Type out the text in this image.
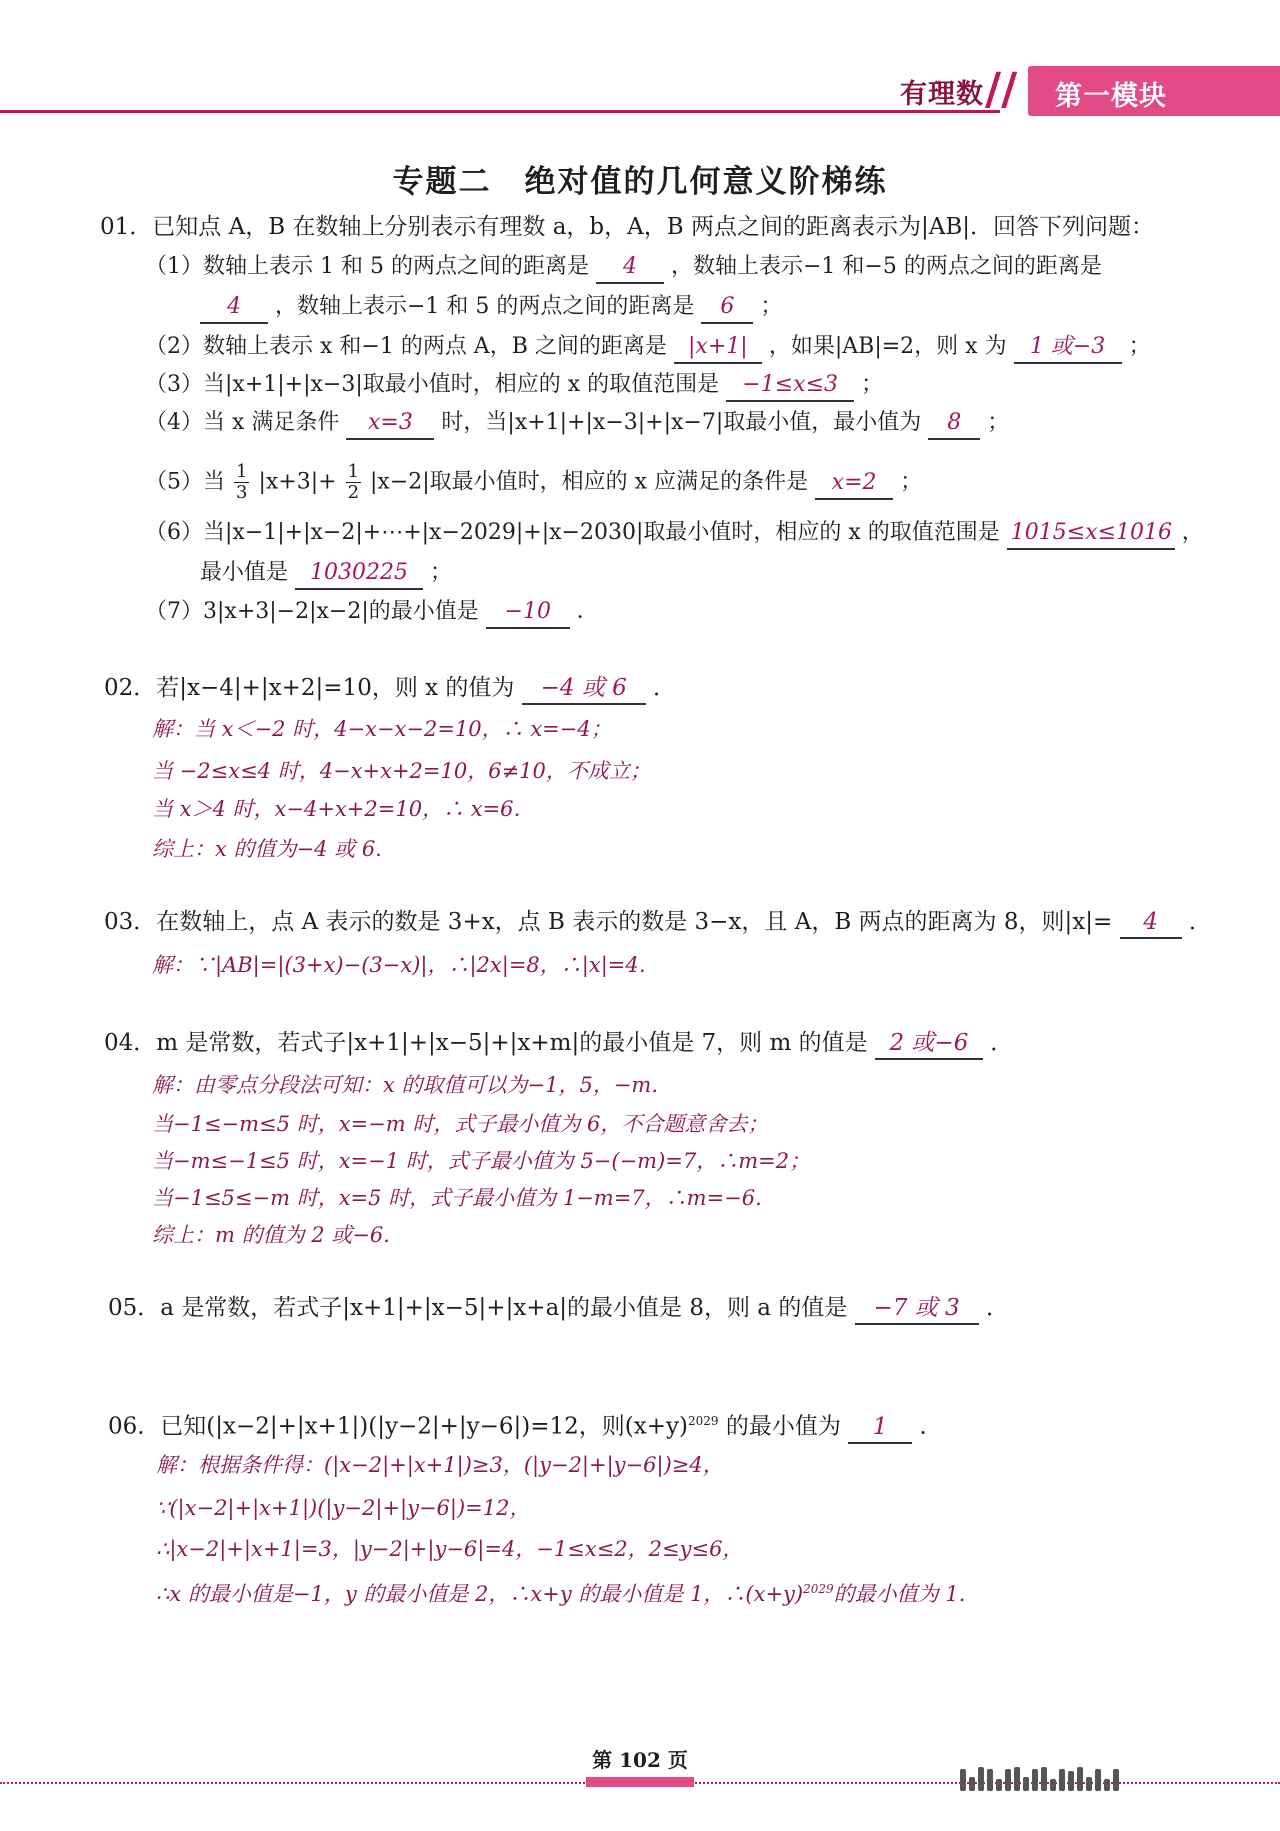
有理数 // 第一模块
专题二　绝对值的几何意义阶梯练
01．已知点 A，B 在数轴上分别表示有理数 a，b，A，B 两点之间的距离表示为|AB|．回答下列问题：
（1）数轴上表示 1 和 5 的两点之间的距离是 4 ，数轴上表示−1 和−5 的两点之间的距离是
4 ，数轴上表示−1 和 5 的两点之间的距离是 6 ；
（2）数轴上表示 x 和−1 的两点 A，B 之间的距离是 |x+1| ，如果|AB|=2，则 x 为 1 或−3 ；
（3）当|x+1|+|x−3|取最小值时，相应的 x 的取值范围是 −1≤x≤3 ；
（4）当 x 满足条件 x=3 时，当|x+1|+|x−3|+|x−7|取最小值，最小值为 8 ；
（5）当 $\frac{1}{3} |x+3|+ \frac{1}{2} |x-2|$取最小值时，相应的 x 应满足的条件是 x=2 ；
（6）当|x−1|+|x−2|+⋯+|x−2029|+|x−2030|取最小值时，相应的 x 的取值范围是 1015≤x≤1016 ，
最小值是 1030225 ；
（7）3|x+3|−2|x−2|的最小值是 −10 ．
02．若|x−4|+|x+2|=10，则 x 的值为 −4 或 6 ．
解：当 x＜−2 时，4−x−x−2=10，∴ x=−4；
当 −2≤x≤4 时，4−x+x+2=10，6≠10，不成立；
当 x＞4 时，x−4+x+2=10，∴ x=6．
综上：x 的值为−4 或 6.
03．在数轴上，点 A 表示的数是 3+x，点 B 表示的数是 3−x，且 A，B 两点的距离为 8，则|x|= 4 ．
解：∵|AB|=|(3+x)−(3−x)|，∴|2x|=8，∴|x|=4．
04．m 是常数，若式子|x+1|+|x−5|+|x+m|的最小值是 7，则 m 的值是 2 或−6 ．
解：由零点分段法可知：x 的取值可以为−1，5，−m.
当−1≤−m≤5 时，x=−m 时，式子最小值为 6，不合题意舍去；
当−m≤−1≤5 时，x=−1 时，式子最小值为 5−(−m)=7，∴m=2；
当−1≤5≤−m 时，x=5 时，式子最小值为 1−m=7，∴m=−6.
综上：m 的值为 2 或−6.
05．a 是常数，若式子|x+1|+|x−5|+|x+a|的最小值是 8，则 a 的值是 −7 或 3 ．
06．已知(|x−2|+|x+1|)(|y−2|+|y−6|)=12，则$(x+y)^{2029}$ 的最小值为 1 ．
解：根据条件得：(|x−2|+|x+1|)≥3，(|y−2|+|y−6|)≥4，
∵(|x−2|+|x+1|)(|y−2|+|y−6|)=12，
∴|x−2|+|x+1|=3，|y−2|+|y−6|=4，−1≤x≤2，2≤y≤6，
∴x 的最小值是−1，y 的最小值是 2，∴x+y 的最小值是 1，$\therefore(x+y)^{2029}$的最小值为 1.
第 102 页
